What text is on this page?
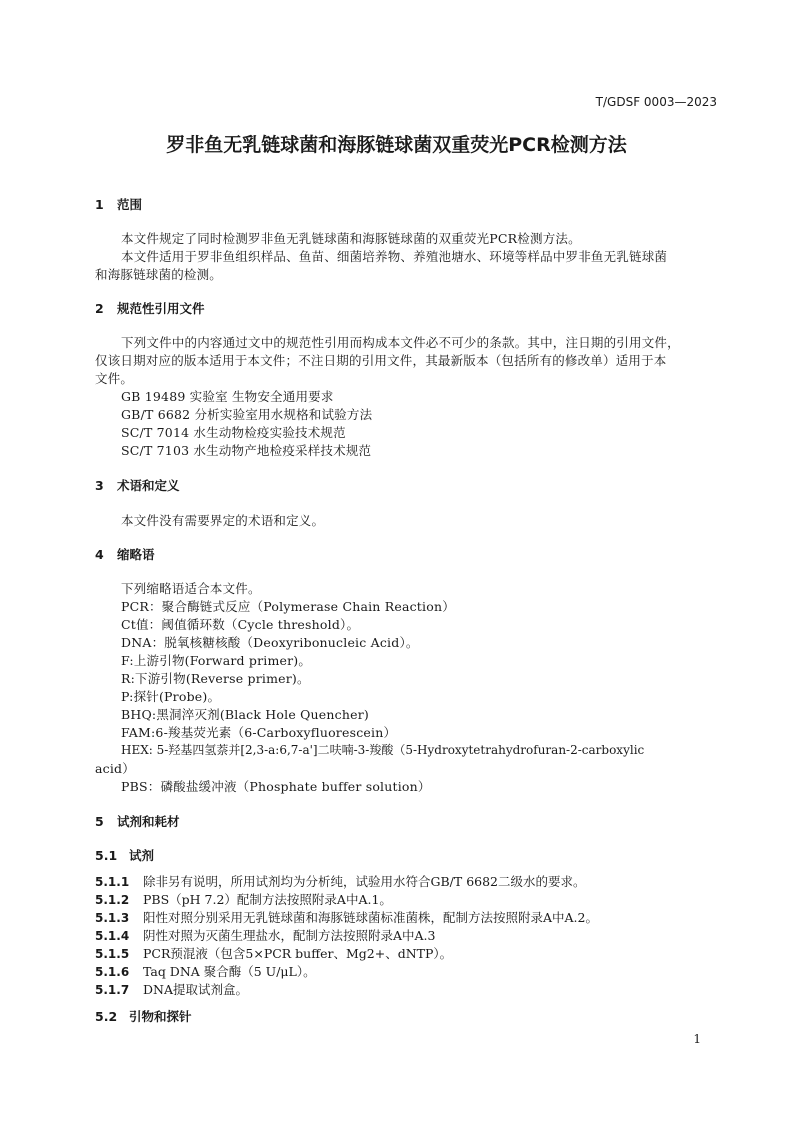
T/GDSF 0003—2023
罗非鱼无乳链球菌和海豚链球菌双重荧光PCR检测方法
1 范围
本文件规定了同时检测罗非鱼无乳链球菌和海豚链球菌的双重荧光PCR检测方法。
本文件适用于罗非鱼组织样品、鱼苗、细菌培养物、养殖池塘水、环境等样品中罗非鱼无乳链球菌
和海豚链球菌的检测。
2 规范性引用文件
下列文件中的内容通过文中的规范性引用而构成本文件必不可少的条款。其中，注日期的引用文件，
仅该日期对应的版本适用于本文件；不注日期的引用文件，其最新版本（包括所有的修改单）适用于本
文件。
GB 19489 实验室 生物安全通用要求
GB/T 6682 分析实验室用水规格和试验方法
SC/T 7014 水生动物检疫实验技术规范
SC/T 7103 水生动物产地检疫采样技术规范
3 术语和定义
本文件没有需要界定的术语和定义。
4 缩略语
下列缩略语适合本文件。
PCR：聚合酶链式反应（Polymerase Chain Reaction）
Ct值：阈值循环数（Cycle threshold）。
DNA：脱氧核糖核酸（Deoxyribonucleic Acid）。
F:上游引物(Forward primer)。
R:下游引物(Reverse primer)。
P:探针(Probe)。
BHQ:黑洞淬灭剂(Black Hole Quencher)
FAM:6-羧基荧光素（6-Carboxyfluorescein）
HEX: 5-羟基四氢萘并[2,3-a:6,7-a']二呋喃-3-羧酸（5-Hydroxytetrahydrofuran-2-carboxylic
acid）
PBS：磷酸盐缓冲液（Phosphate buffer solution）
5 试剂和耗材
5.1 试剂
5.1.1 除非另有说明，所用试剂均为分析纯，试验用水符合GB/T 6682二级水的要求。
5.1.2 PBS（pH 7.2）配制方法按照附录A中A.1。
5.1.3 阳性对照分别采用无乳链球菌和海豚链球菌标准菌株，配制方法按照附录A中A.2。
5.1.4 阴性对照为灭菌生理盐水，配制方法按照附录A中A.3
5.1.5 PCR预混液（包含5×PCR buffer、Mg2+、dNTP）。
5.1.6 Taq DNA 聚合酶（5 U/μL）。
5.1.7 DNA提取试剂盒。
5.2 引物和探针
1
